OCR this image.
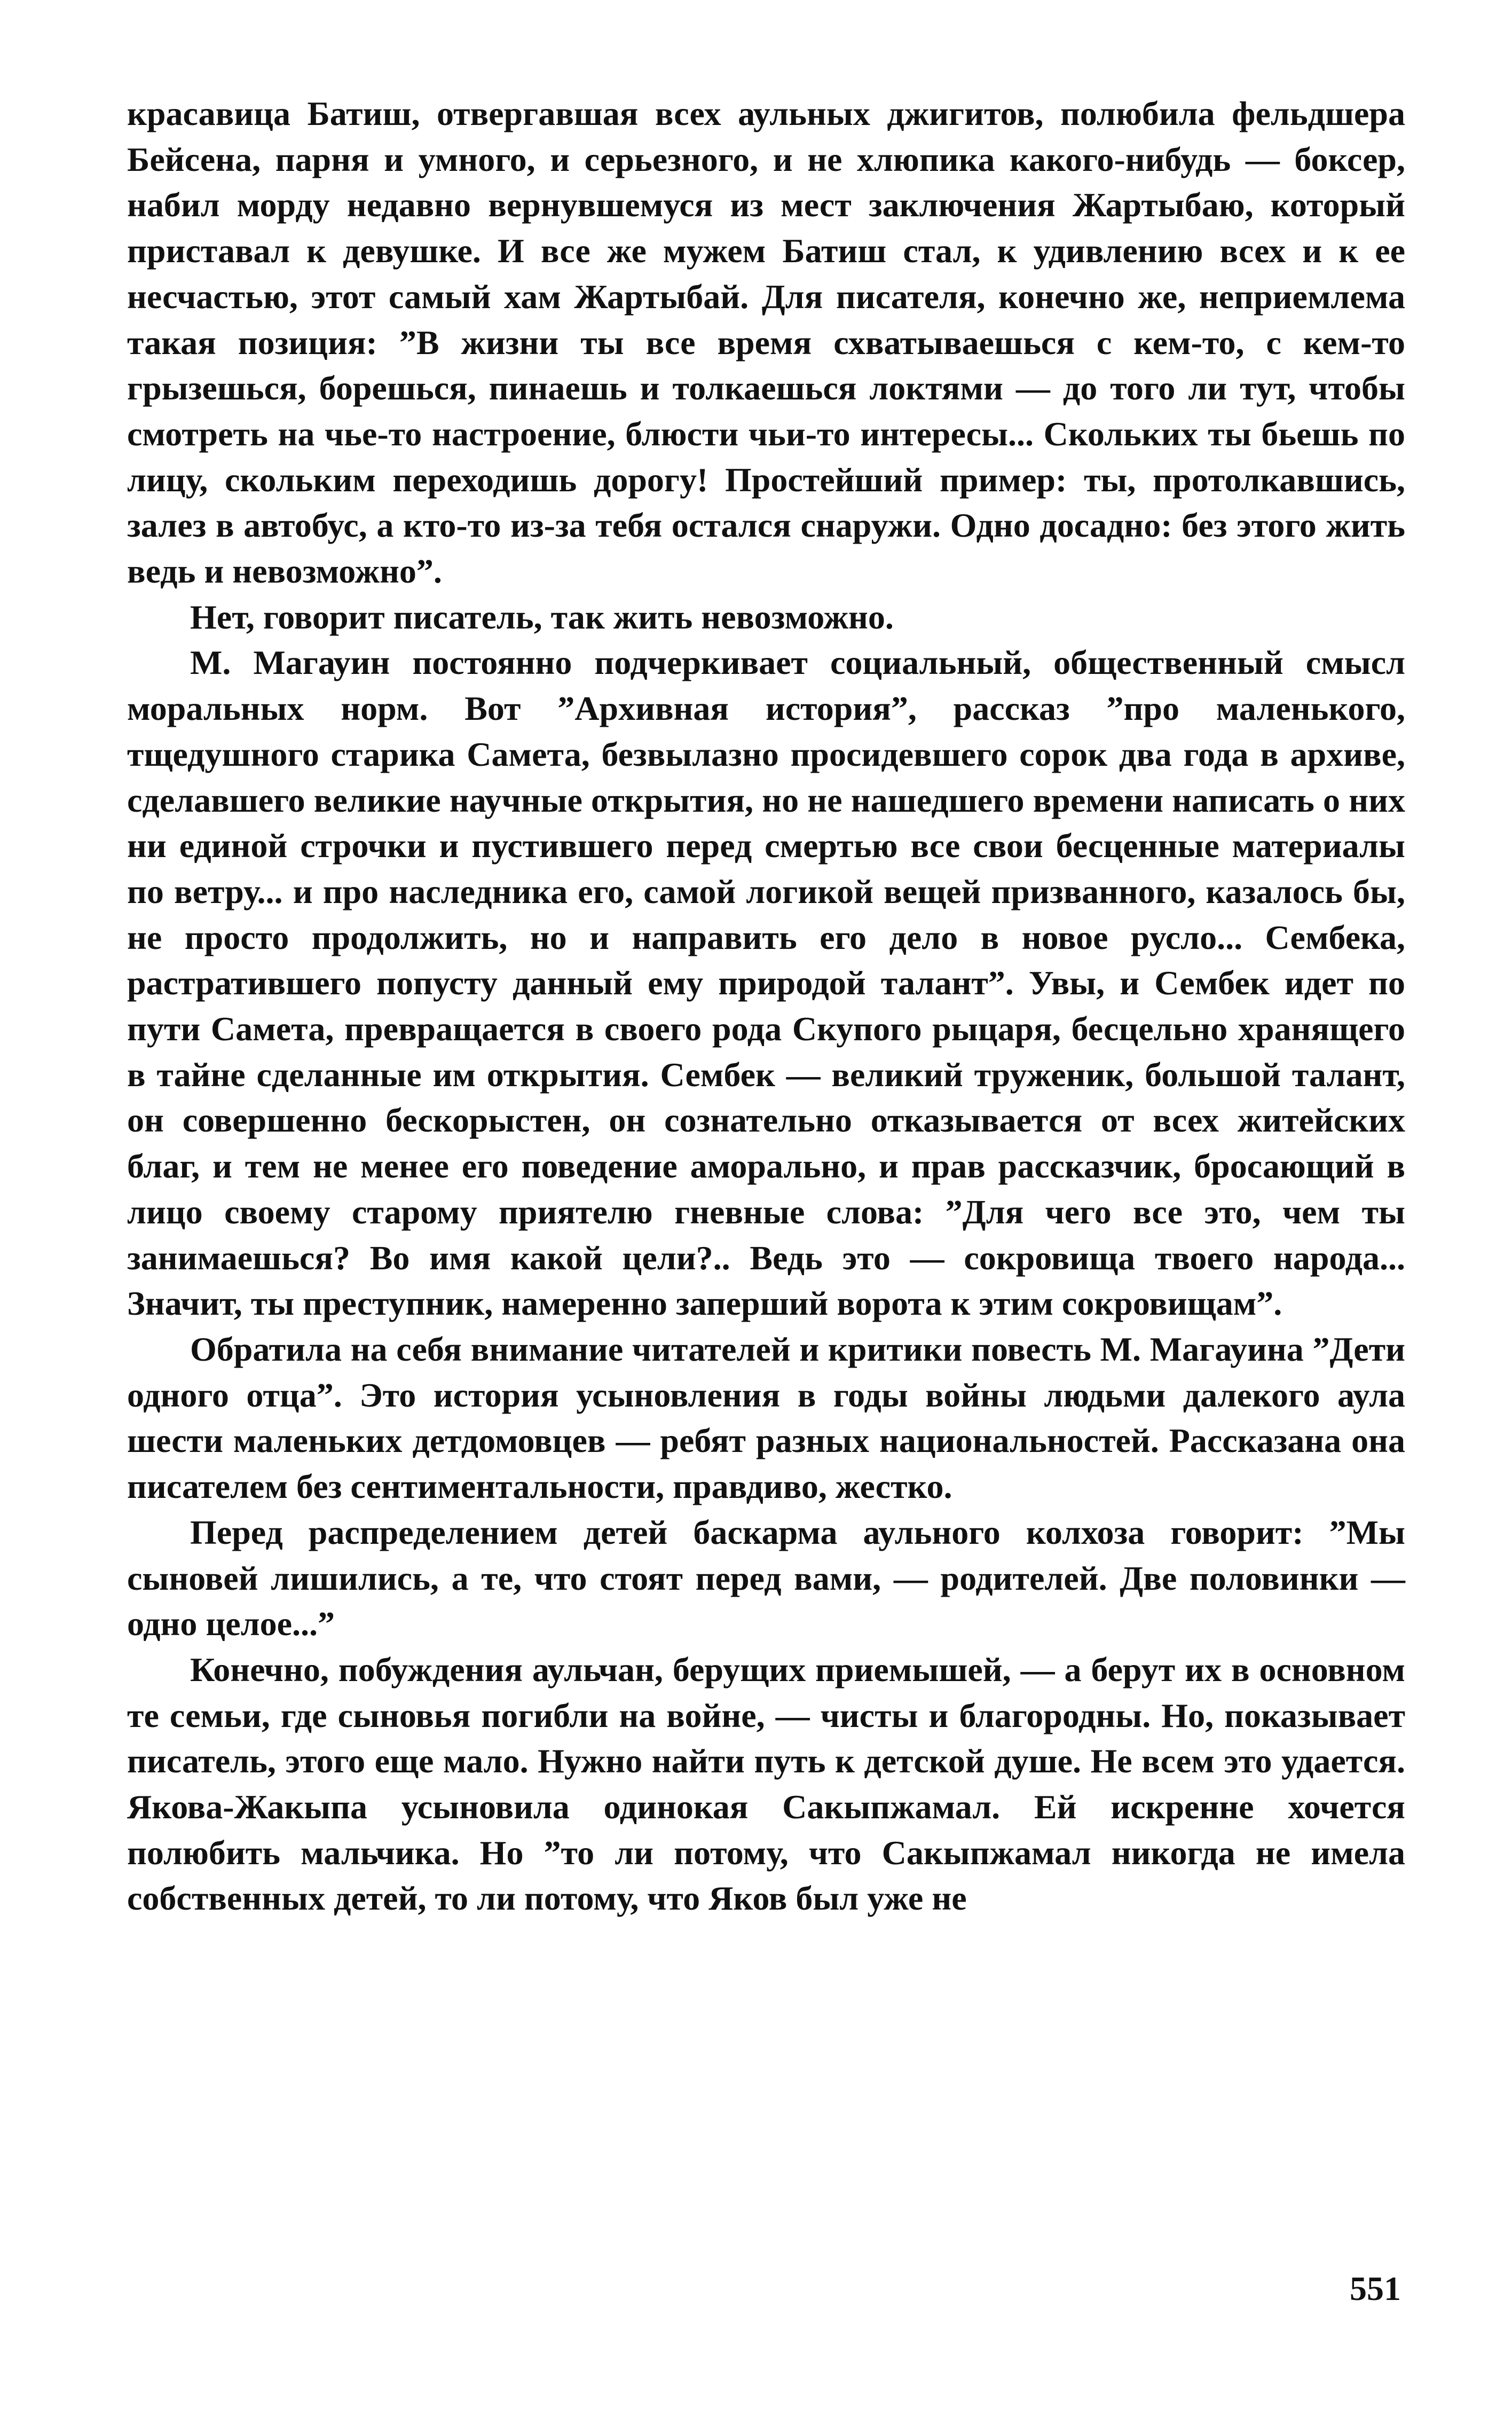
красавица Батиш, отвергавшая всех аульных джигитов, полюбила фельдшера Бейсена, парня и умного, и серьезного, и не хлюпика какого-нибудь — боксер, набил морду недавно вернувшемуся из мест заключения Жартыбаю, который приставал к девушке. И все же мужем Батиш стал, к удивлению всех и к ее несчастью, этот самый хам Жартыбай. Для писателя, конечно же, неприемлема такая позиция: ”В жизни ты все время схватываешься с кем-то, с кем-то грызешься, борешься, пинаешь и толкаешься локтями — до того ли тут, чтобы смотреть на чье-то настроение, блюсти чьи-то интересы... Скольких ты бьешь по лицу, скольким переходишь дорогу! Простейший пример: ты, протолкавшись, залез в автобус, а кто-то из-за тебя остался снаружи. Одно досадно: без этого жить ведь и невозможно”.

Нет, говорит писатель, так жить невозможно.

М. Магауин постоянно подчеркивает социальный, общественный смысл моральных норм. Вот ”Архивная история”, рассказ ”про маленького, тщедушного старика Самета, безвылазно просидевшего сорок два года в архиве, сделавшего великие научные открытия, но не нашедшего времени написать о них ни единой строчки и пустившего перед смертью все свои бесценные материалы по ветру... и про наследника его, самой логикой вещей призванного, казалось бы, не просто продолжить, но и направить его дело в новое русло... Сембека, растратившего попусту данный ему природой талант”. Увы, и Сембек идет по пути Самета, превращается в своего рода Скупого рыцаря, бесцельно хранящего в тайне сделанные им открытия. Сембек — великий труженик, большой талант, он совершенно бескорыстен, он сознательно отказывается от всех житейских благ, и тем не менее его поведение аморально, и прав рассказчик, бросающий в лицо своему старому приятелю гневные слова: ”Для чего все это, чем ты занимаешься? Во имя какой цели?.. Ведь это — сокровища твоего народа... Значит, ты преступник, намеренно заперший ворота к этим сокровищам”.

Обратила на себя внимание читателей и критики повесть М. Магауина ”Дети одного отца”. Это история усыновления в годы войны людьми далекого аула шести маленьких детдомовцев — ребят разных национальностей. Рассказана она писателем без сентиментальности, правдиво, жестко.

Перед распределением детей баскарма аульного колхоза говорит: ”Мы сыновей лишились, а те, что стоят перед вами, — родителей. Две половинки — одно целое...”

Конечно, побуждения аульчан, берущих приемышей, — а берут их в основном те семьи, где сыновья погибли на войне, — чисты и благородны. Но, показывает писатель, этого еще мало. Нужно найти путь к детской душе. Не всем это удается. Якова-Жакыпа усыновила одинокая Сакыпжамал. Ей искренне хочется полюбить мальчика. Но ”то ли потому, что Сакыпжамал никогда не имела собственных детей, то ли потому, что Яков был уже не

551
